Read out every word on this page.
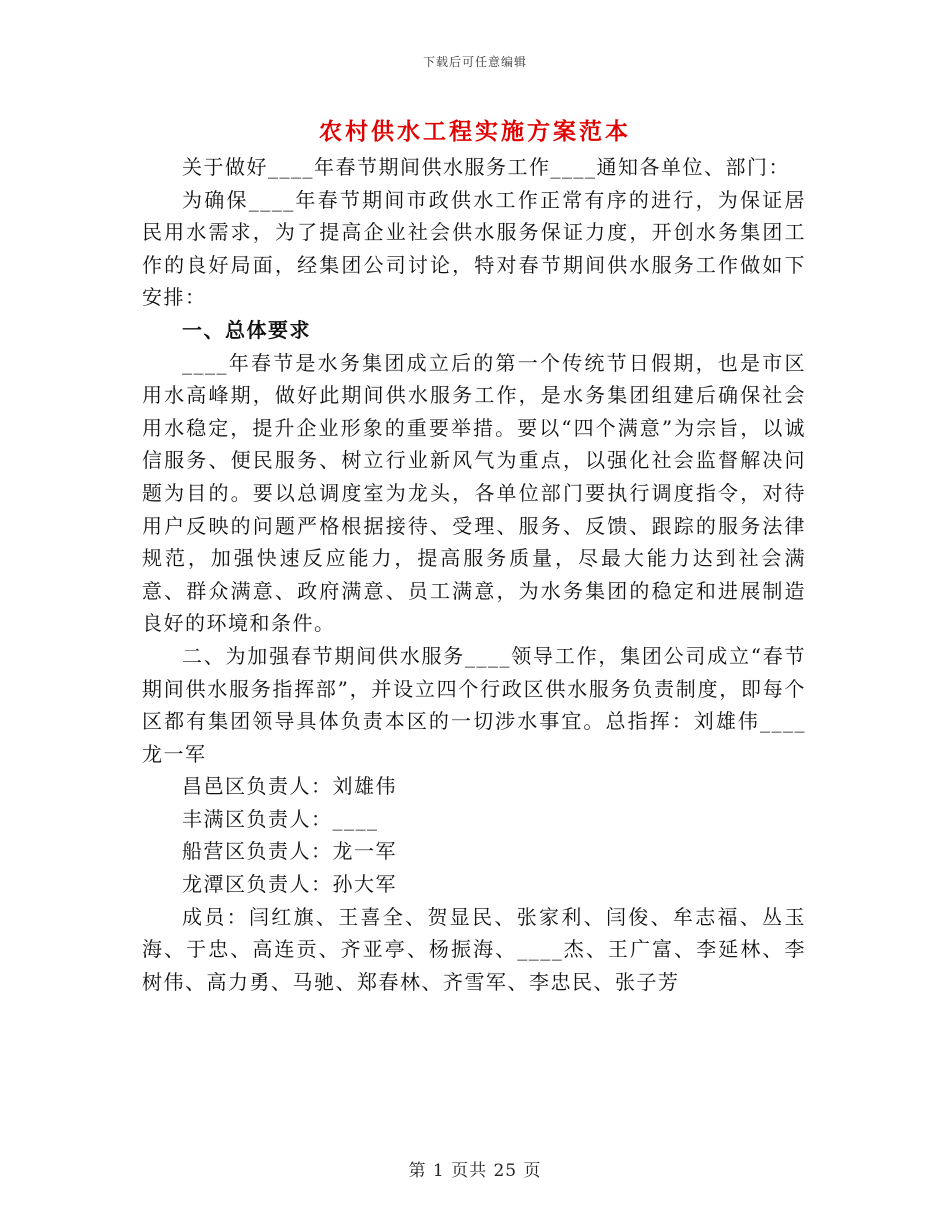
下载后可任意编辑
农村供水工程实施方案范本

关于做好____年春节期间供水服务工作____通知各单位、部门：

为确保____年春节期间市政供水工作正常有序的进行，为保证居民用水需求，为了提高企业社会供水服务保证力度，开创水务集团工作的良好局面，经集团公司讨论，特对春节期间供水服务工作做如下安排：

一、总体要求

____年春节是水务集团成立后的第一个传统节日假期，也是市区用水高峰期，做好此期间供水服务工作，是水务集团组建后确保社会用水稳定，提升企业形象的重要举措。要以“四个满意”为宗旨，以诚信服务、便民服务、树立行业新风气为重点，以强化社会监督解决问题为目的。要以总调度室为龙头，各单位部门要执行调度指令，对待用户反映的问题严格根据接待、受理、服务、反馈、跟踪的服务法律规范，加强快速反应能力，提高服务质量，尽最大能力达到社会满意、群众满意、政府满意、员工满意，为水务集团的稳定和进展制造良好的环境和条件。

二、为加强春节期间供水服务____领导工作，集团公司成立“春节期间供水服务指挥部”，并设立四个行政区供水服务负责制度，即每个区都有集团领导具体负责本区的一切涉水事宜。总指挥：刘雄伟____龙一军

昌邑区负责人：刘雄伟

丰满区负责人：____

船营区负责人：龙一军

龙潭区负责人：孙大军

成员：闫红旗、王喜全、贺显民、张家利、闫俊、牟志福、丛玉海、于忠、高连贡、齐亚亭、杨振海、____杰、王广富、李延林、李树伟、高力勇、马驰、郑春林、齐雪军、李忠民、张子芳

第 1 页共 25 页
